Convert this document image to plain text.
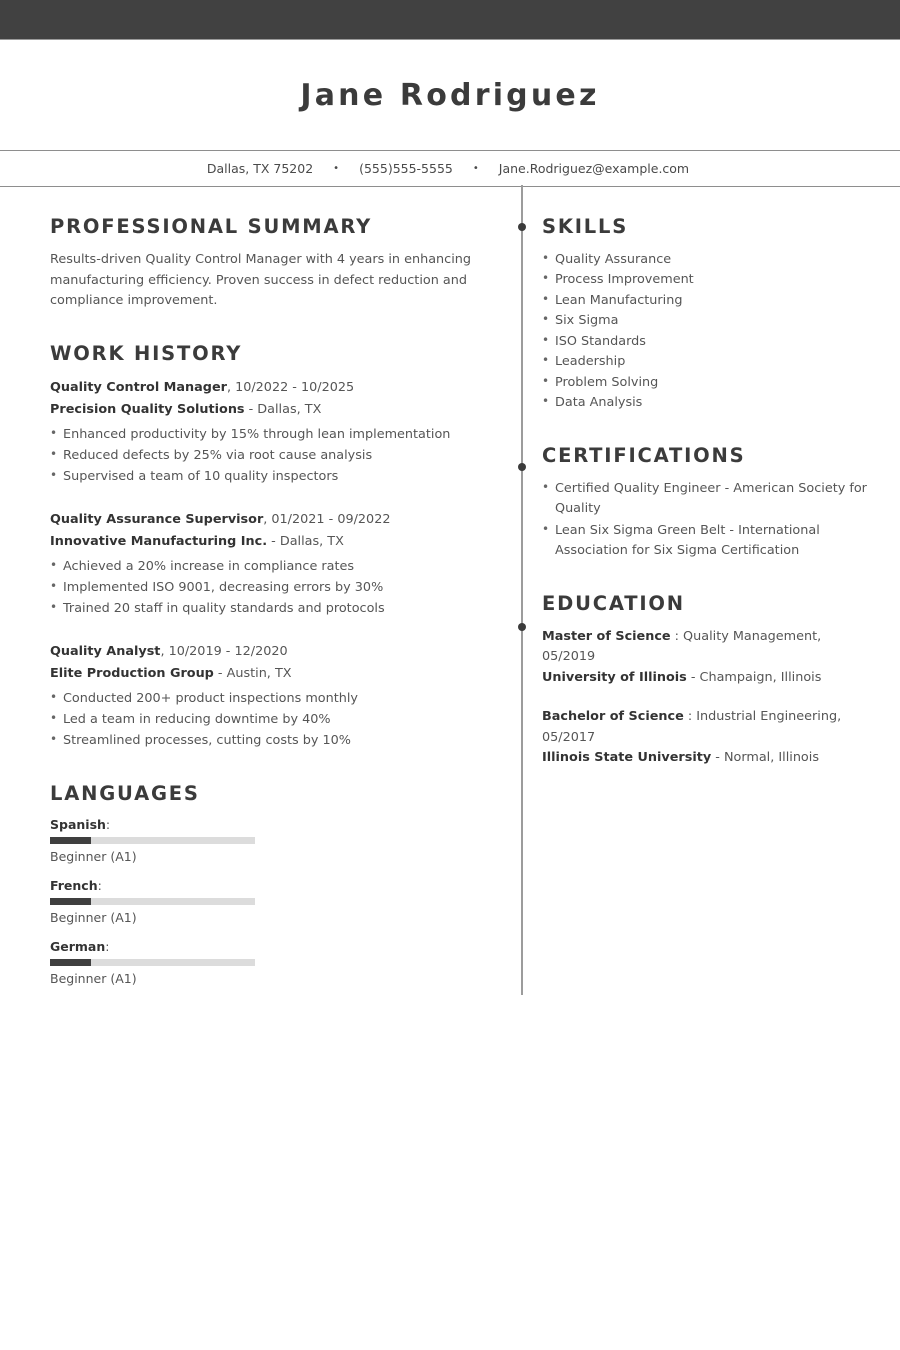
Jane Rodriguez
Dallas, TX 75202 • (555)555-5555 • Jane.Rodriguez@example.com
PROFESSIONAL SUMMARY
Results-driven Quality Control Manager with 4 years in enhancing manufacturing efficiency. Proven success in defect reduction and compliance improvement.
WORK HISTORY
Quality Control Manager, 10/2022 - 10/2025
Precision Quality Solutions - Dallas, TX
• Enhanced productivity by 15% through lean implementation
• Reduced defects by 25% via root cause analysis
• Supervised a team of 10 quality inspectors
Quality Assurance Supervisor, 01/2021 - 09/2022
Innovative Manufacturing Inc. - Dallas, TX
• Achieved a 20% increase in compliance rates
• Implemented ISO 9001, decreasing errors by 30%
• Trained 20 staff in quality standards and protocols
Quality Analyst, 10/2019 - 12/2020
Elite Production Group - Austin, TX
• Conducted 200+ product inspections monthly
• Led a team in reducing downtime by 40%
• Streamlined processes, cutting costs by 10%
LANGUAGES
Spanish:
Beginner (A1)
French:
Beginner (A1)
German:
Beginner (A1)
SKILLS
• Quality Assurance
• Process Improvement
• Lean Manufacturing
• Six Sigma
• ISO Standards
• Leadership
• Problem Solving
• Data Analysis
CERTIFICATIONS
• Certified Quality Engineer - American Society for Quality
• Lean Six Sigma Green Belt - International Association for Six Sigma Certification
EDUCATION
Master of Science : Quality Management, 05/2019
University of Illinois - Champaign, Illinois
Bachelor of Science : Industrial Engineering, 05/2017
Illinois State University - Normal, Illinois
